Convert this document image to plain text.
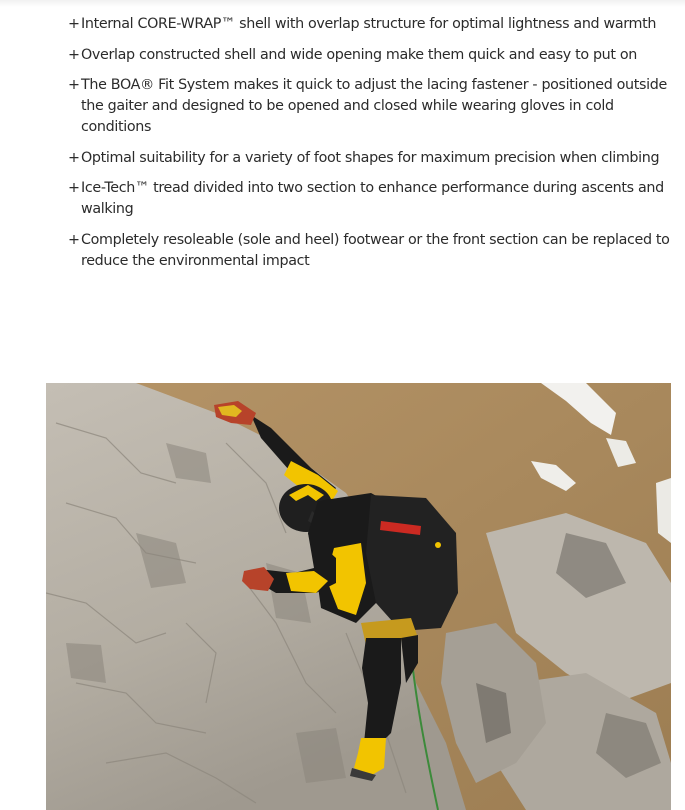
+ Internal CORE-WRAP™ shell with overlap structure for optimal lightness and warmth
+ Overlap constructed shell and wide opening make them quick and easy to put on
+ The BOA® Fit System makes it quick to adjust the lacing fastener - positioned outside the gaiter and designed to be opened and closed while wearing gloves in cold conditions
+ Optimal suitability for a variety of foot shapes for maximum precision when climbing
+ Ice-Tech™ tread divided into two section to enhance performance during ascents and walking
+ Completely resoleable (sole and heel) footwear or the front section can be replaced to reduce the environmental impact
